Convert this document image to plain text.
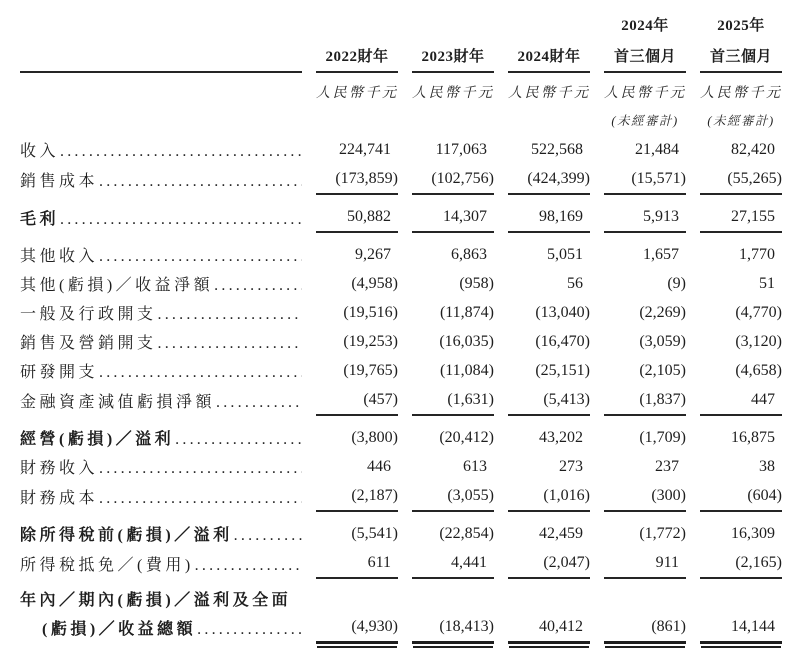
				2024年	2025年
	2022財年	2023財年	2024財年	首三個月	首三個月
	人民幣千元	人民幣千元	人民幣千元	人民幣千元	人民幣千元
				(未經審計)	(未經審計)

收入
.....	224,741	117,063	522,568	21,484	82,420

銷售成本
.....	(173,859)	(102,756)	(424,399)	(15,571)	(55,265)

毛利
.....	50,882	14,307	98,169	5,913	27,155

其他收入
.....	9,267	6,863	5,051	1,657	1,770

其他(虧損)／收益淨額
.....	(4,958)	(958)	56	(9)	51

一般及行政開支
.....	(19,516)	(11,874)	(13,040)	(2,269)	(4,770)

銷售及營銷開支
.....	(19,253)	(16,035)	(16,470)	(3,059)	(3,120)

研發開支
.....	(19,765)	(11,084)	(25,151)	(2,105)	(4,658)

金融資產減值虧損淨額
.....	(457)	(1,631)	(5,413)	(1,837)	447

經營(虧損)／溢利
.....	(3,800)	(20,412)	43,202	(1,709)	16,875

財務收入
.....	446	613	273	237	38

財務成本
.....	(2,187)	(3,055)	(1,016)	(300)	(604)

除所得稅前(虧損)／溢利
.....	(5,541)	(22,854)	42,459	(1,772)	16,309

所得稅抵免／(費用)
.....	611	4,441	(2,047)	911	(2,165)

年內／期內(虧損)／溢利及全面
(虧損)／收益總額
.....	(4,930)	(18,413)	40,412	(861)	14,144
